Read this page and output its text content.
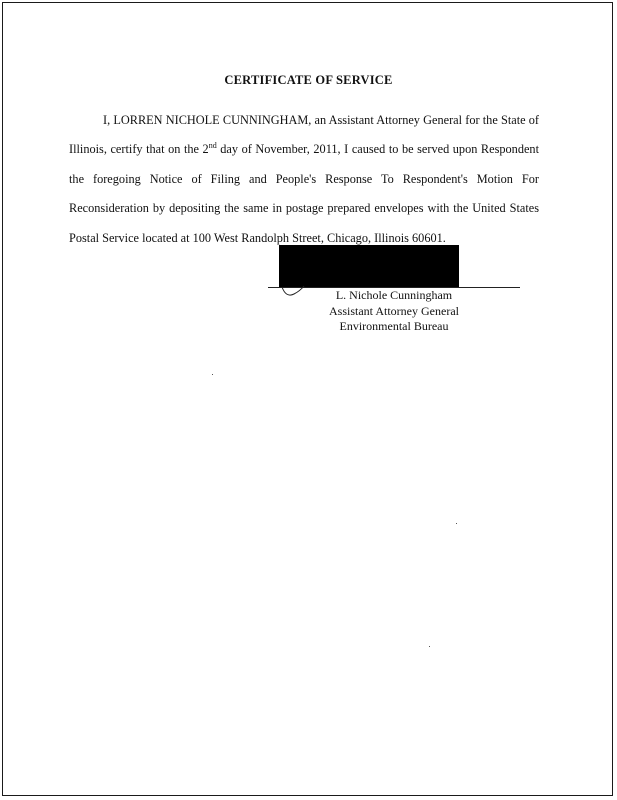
CERTIFICATE OF SERVICE
I, LORREN NICHOLE CUNNINGHAM, an Assistant Attorney General for the State of Illinois, certify that on the 2nd day of November, 2011, I caused to be served upon Respondent the foregoing Notice of Filing and People's Response To Respondent's Motion For Reconsideration by depositing the same in postage prepared envelopes with the United States Postal Service located at 100 West Randolph Street, Chicago, Illinois 60601.
L. Nichole Cunningham
Assistant Attorney General
Environmental Bureau
